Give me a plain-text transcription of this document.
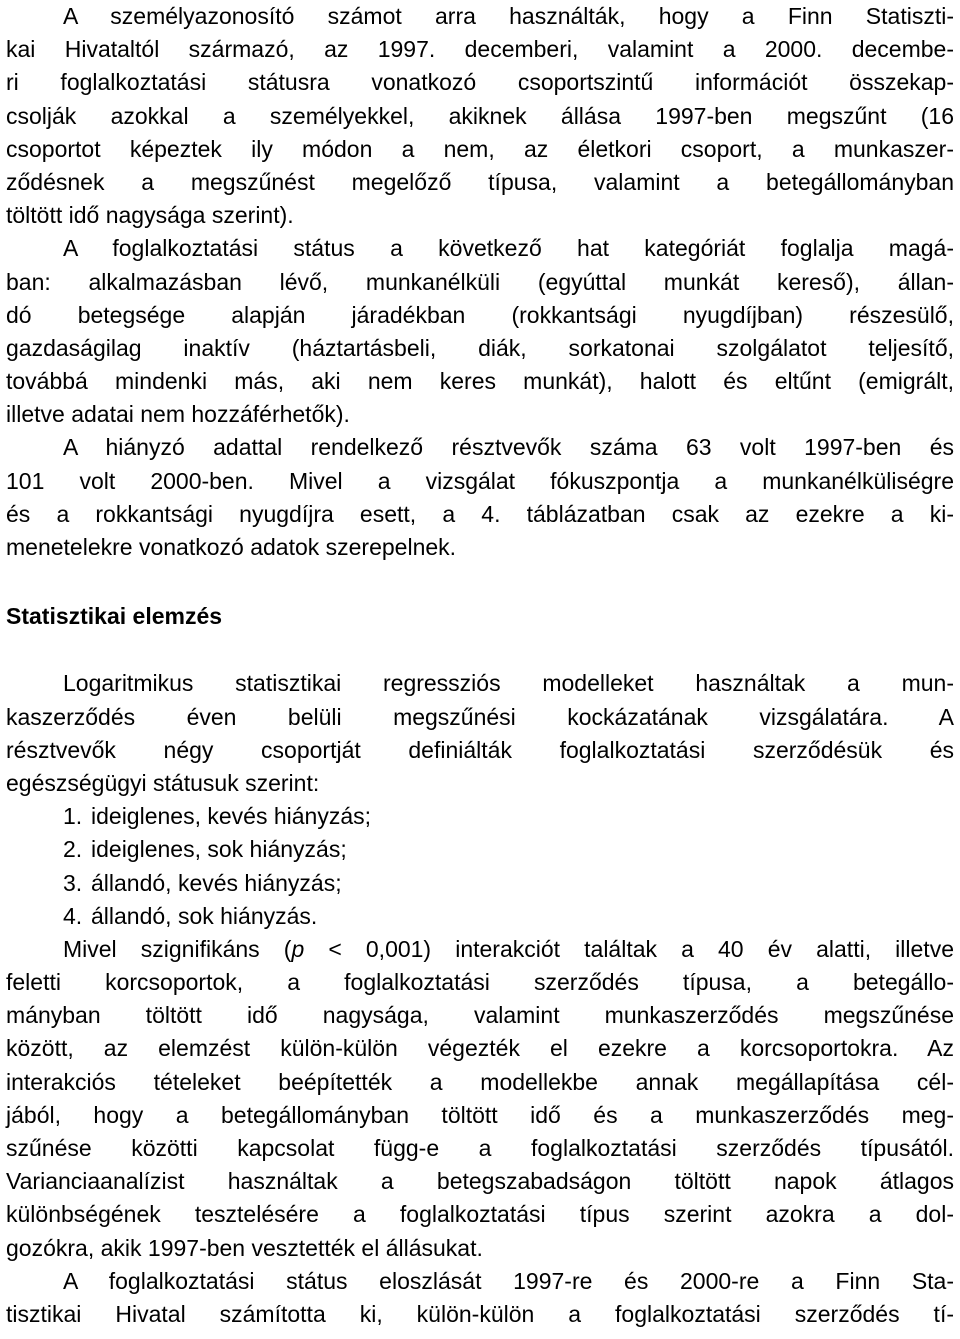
A személyazonosító számot arra használták, hogy a Finn Statiszti-
kai Hivataltól származó, az 1997. decemberi, valamint a 2000. decembe-
ri foglalkoztatási státusra vonatkozó csoportszintű információt összekap-
csolják azokkal a személyekkel, akiknek állása 1997-ben megszűnt (16
csoportot képeztek ily módon a nem, az életkori csoport, a munkaszer-
ződésnek a megszűnést megelőző típusa, valamint a betegállományban
töltött idő nagysága szerint).
A foglalkoztatási státus a következő hat kategóriát foglalja magá-
ban: alkalmazásban lévő, munkanélküli (egyúttal munkát kereső), állan-
dó betegsége alapján járadékban (rokkantsági nyugdíjban) részesülő,
gazdaságilag inaktív (háztartásbeli, diák, sorkatonai szolgálatot teljesítő,
továbbá mindenki más, aki nem keres munkát), halott és eltűnt (emigrált,
illetve adatai nem hozzáférhetők).
A hiányzó adattal rendelkező résztvevők száma 63 volt 1997-ben és
101 volt 2000-ben. Mivel a vizsgálat fókuszpontja a munkanélküliségre
és a rokkantsági nyugdíjra esett, a 4. táblázatban csak az ezekre a ki-
menetelekre vonatkozó adatok szerepelnek.
Statisztikai elemzés
Logaritmikus statisztikai regressziós modelleket használtak a mun-
kaszerződés éven belüli megszűnési kockázatának vizsgálatára. A
résztvevők négy csoportját definiálták foglalkoztatási szerződésük és
egészségügyi státusuk szerint:
1. ideiglenes, kevés hiányzás;
2. ideiglenes, sok hiányzás;
3. állandó, kevés hiányzás;
4. állandó, sok hiányzás.
Mivel szignifikáns (p < 0,001) interakciót találtak a 40 év alatti, illetve
feletti korcsoportok, a foglalkoztatási szerződés típusa, a betegállo-
mányban töltött idő nagysága, valamint munkaszerződés megszűnése
között, az elemzést külön-külön végezték el ezekre a korcsoportokra. Az
interakciós tételeket beépítették a modellekbe annak megállapítása cél-
jából, hogy a betegállományban töltött idő és a munkaszerződés meg-
szűnése közötti kapcsolat függ-e a foglalkoztatási szerződés típusától.
Varianciaanalízist használtak a betegszabadságon töltött napok átlagos
különbségének tesztelésére a foglalkoztatási típus szerint azokra a dol-
gozókra, akik 1997-ben vesztették el állásukat.
A foglalkoztatási státus eloszlását 1997-re és 2000-re a Finn Sta-
tisztikai Hivatal számította ki, külön-külön a foglalkoztatási szerződés tí-
